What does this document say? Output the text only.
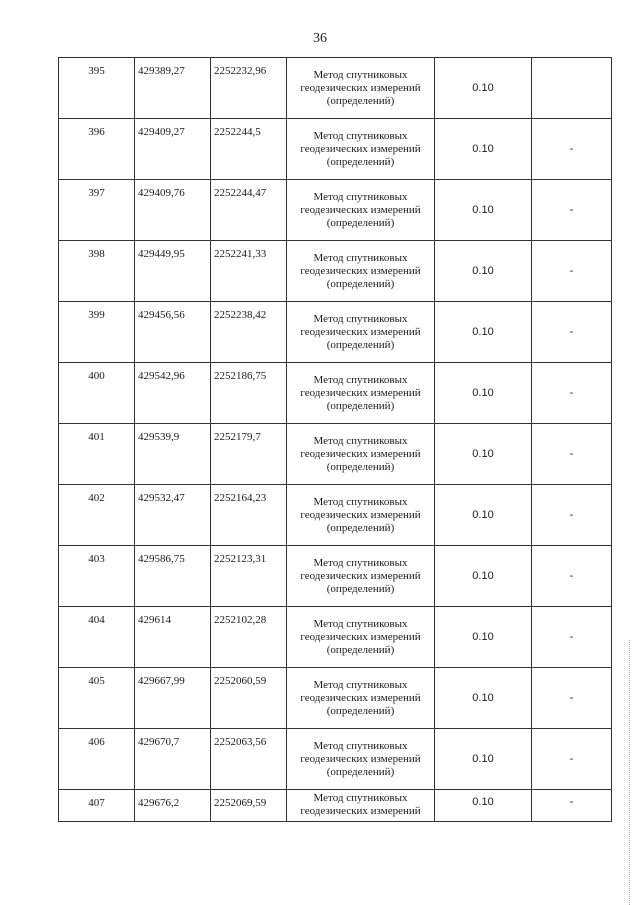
36
395	429389,27	2252232,96	Метод спутниковых
геодезических измерений
(определений)	0.10	
396	429409,27	2252244,5	Метод спутниковых
геодезических измерений
(определений)	0.10	-
397	429409,76	2252244,47	Метод спутниковых
геодезических измерений
(определений)	0.10	-
398	429449,95	2252241,33	Метод спутниковых
геодезических измерений
(определений)	0.10	-
399	429456,56	2252238,42	Метод спутниковых
геодезических измерений
(определений)	0.10	-
400	429542,96	2252186,75	Метод спутниковых
геодезических измерений
(определений)	0.10	-
401	429539,9	2252179,7	Метод спутниковых
геодезических измерений
(определений)	0.10	-
402	429532,47	2252164,23	Метод спутниковых
геодезических измерений
(определений)	0.10	-
403	429586,75	2252123,31	Метод спутниковых
геодезических измерений
(определений)	0.10	-
404	429614	2252102,28	Метод спутниковых
геодезических измерений
(определений)	0.10	-
405	429667,99	2252060,59	Метод спутниковых
геодезических измерений
(определений)	0.10	-
406	429670,7	2252063,56	Метод спутниковых
геодезических измерений
(определений)	0.10	-
407	429676,2	2252069,59	Метод спутниковых
геодезических измерений	0.10	-
